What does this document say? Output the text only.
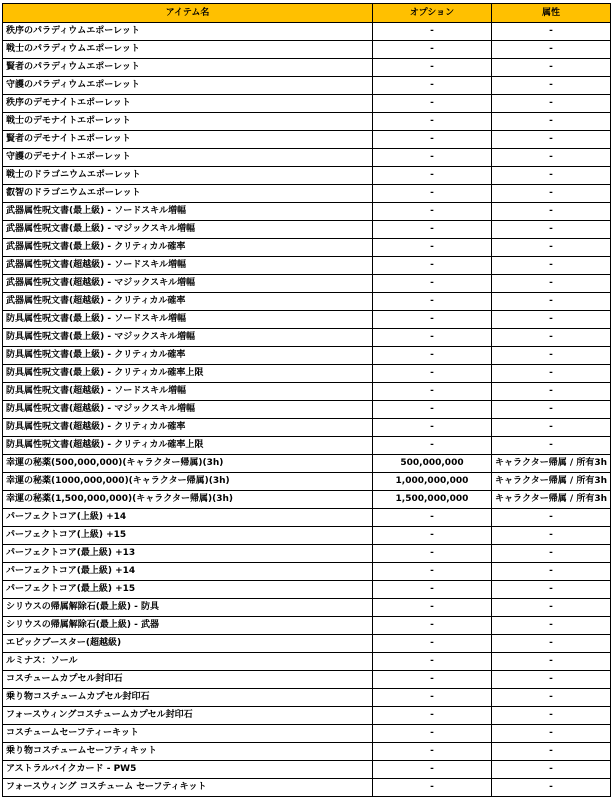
アイテム名	オプション	属性
秩序のパラディウムエポーレット	-	-
戦士のパラディウムエポーレット	-	-
賢者のパラディウムエポーレット	-	-
守護のパラディウムエポーレット	-	-
秩序のデモナイトエポーレット	-	-
戦士のデモナイトエポーレット	-	-
賢者のデモナイトエポーレット	-	-
守護のデモナイトエポーレット	-	-
戦士のドラゴニウムエポーレット	-	-
叡智のドラゴニウムエポーレット	-	-
武器属性呪文書(最上級) - ソードスキル増幅	-	-
武器属性呪文書(最上級) - マジックスキル増幅	-	-
武器属性呪文書(最上級) - クリティカル確率	-	-
武器属性呪文書(超越級) - ソードスキル増幅	-	-
武器属性呪文書(超越級) - マジックスキル増幅	-	-
武器属性呪文書(超越級) - クリティカル確率	-	-
防具属性呪文書(最上級) - ソードスキル増幅	-	-
防具属性呪文書(最上級) - マジックスキル増幅	-	-
防具属性呪文書(最上級) - クリティカル確率	-	-
防具属性呪文書(最上級) - クリティカル確率上限	-	-
防具属性呪文書(超越級) - ソードスキル増幅	-	-
防具属性呪文書(超越級) - マジックスキル増幅	-	-
防具属性呪文書(超越級) - クリティカル確率	-	-
防具属性呪文書(超越級) - クリティカル確率上限	-	-
幸運の秘薬(500,000,000)(キャラクター帰属)(3h)	500,000,000	キャラクター帰属 / 所有3h
幸運の秘薬(1000,000,000)(キャラクター帰属)(3h)	1,000,000,000	キャラクター帰属 / 所有3h
幸運の秘薬(1,500,000,000)(キャラクター帰属)(3h)	1,500,000,000	キャラクター帰属 / 所有3h
パーフェクトコア(上級) +14	-	-
パーフェクトコア(上級) +15	-	-
パーフェクトコア(最上級) +13	-	-
パーフェクトコア(最上級) +14	-	-
パーフェクトコア(最上級) +15	-	-
シリウスの帰属解除石(最上級) - 防具	-	-
シリウスの帰属解除石(最上級) - 武器	-	-
エピックブースター(超越級)	-	-
ルミナス：ソール	-	-
コスチュームカプセル封印石	-	-
乗り物コスチュームカプセル封印石	-	-
フォースウィングコスチュームカプセル封印石	-	-
コスチュームセーフティーキット	-	-
乗り物コスチュームセーフティキット	-	-
アストラルバイクカード - PW5	-	-
フォースウィング コスチューム セーフティキット	-	-
